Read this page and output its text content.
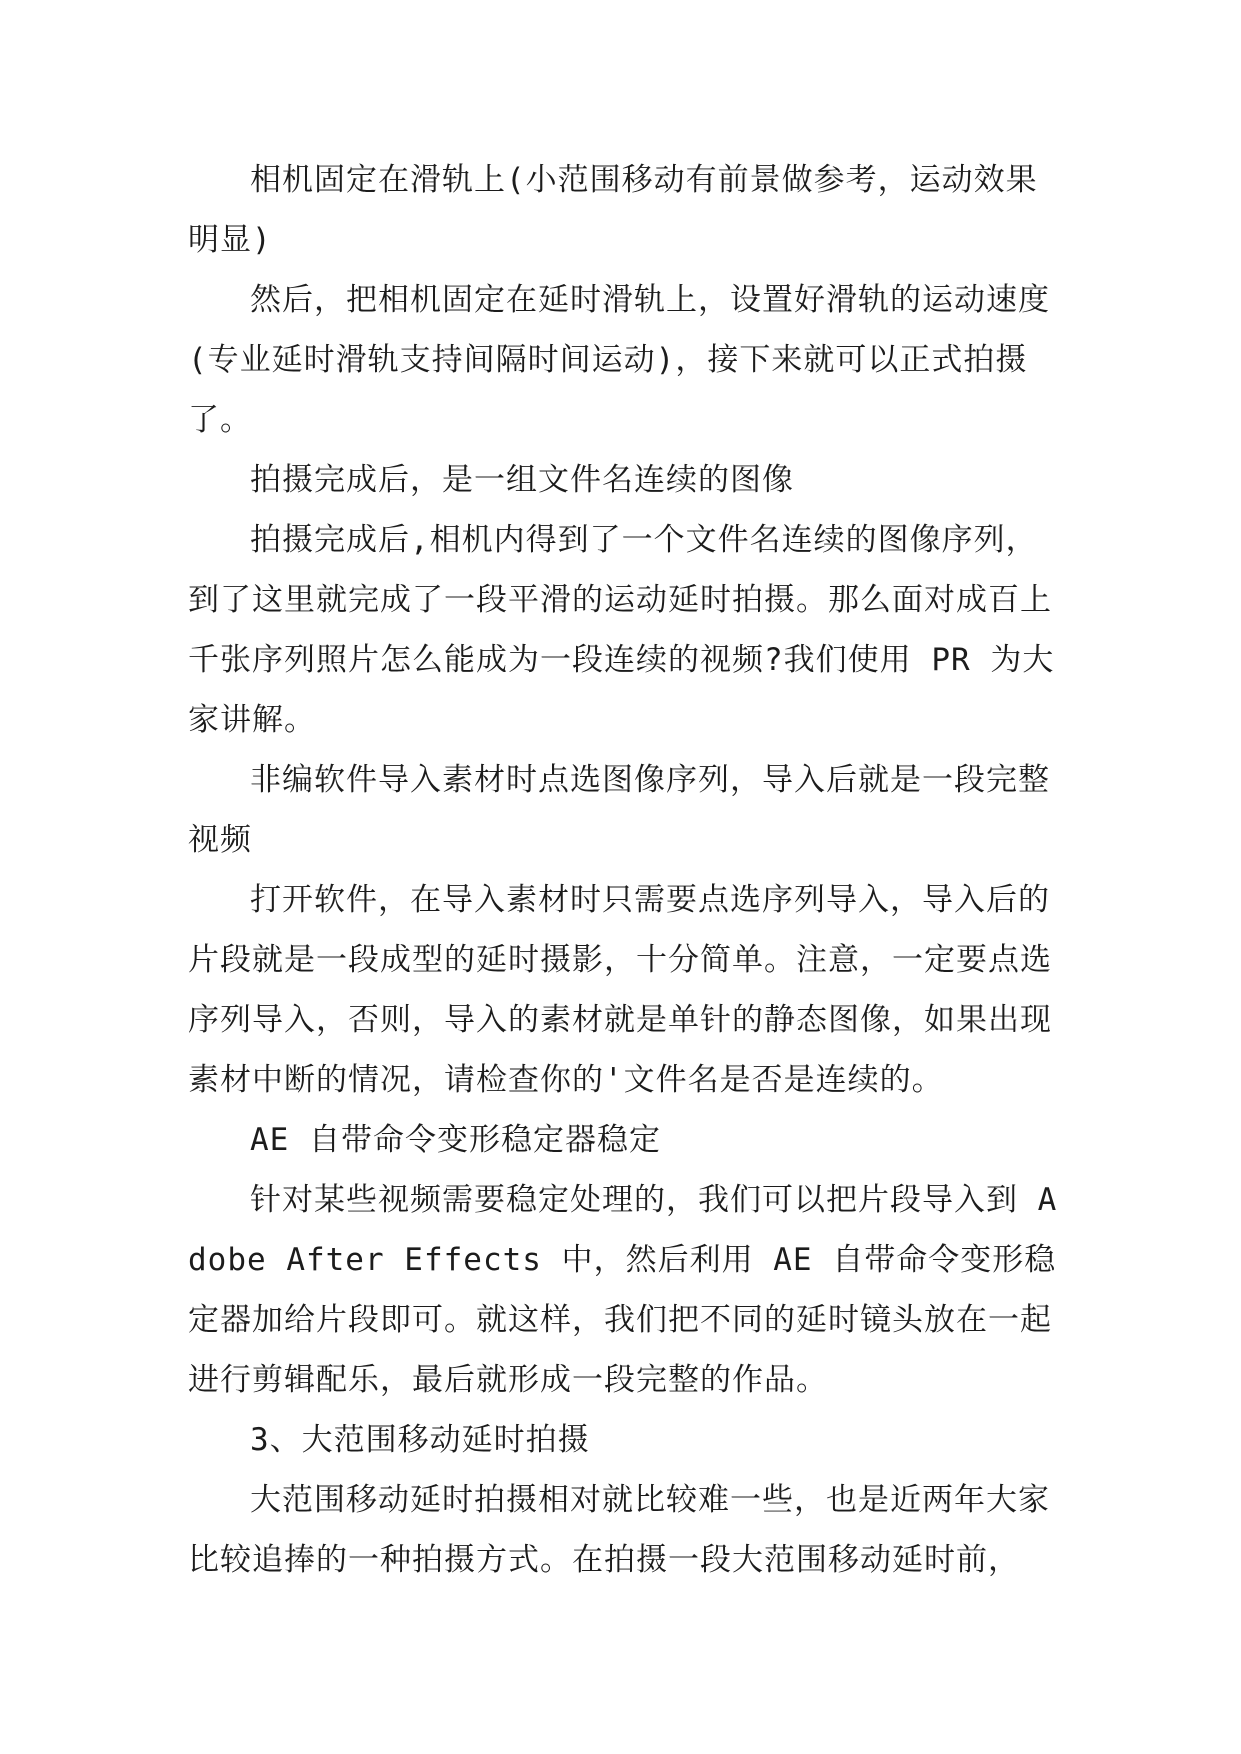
相机固定在滑轨上(小范围移动有前景做参考，运动效果明显)

然后，把相机固定在延时滑轨上，设置好滑轨的运动速度(专业延时滑轨支持间隔时间运动)，接下来就可以正式拍摄了。

拍摄完成后，是一组文件名连续的图像

拍摄完成后,相机内得到了一个文件名连续的图像序列，到了这里就完成了一段平滑的运动延时拍摄。那么面对成百上千张序列照片怎么能成为一段连续的视频?我们使用 PR 为大家讲解。

非编软件导入素材时点选图像序列，导入后就是一段完整视频

打开软件，在导入素材时只需要点选序列导入，导入后的片段就是一段成型的延时摄影，十分简单。注意，一定要点选序列导入，否则，导入的素材就是单针的静态图像，如果出现素材中断的情况，请检查你的'文件名是否是连续的。

AE 自带命令变形稳定器稳定

针对某些视频需要稳定处理的，我们可以把片段导入到 Adobe After Effects 中，然后利用 AE 自带命令变形稳定器加给片段即可。就这样，我们把不同的延时镜头放在一起进行剪辑配乐，最后就形成一段完整的作品。

3、大范围移动延时拍摄

大范围移动延时拍摄相对就比较难一些，也是近两年大家比较追捧的一种拍摄方式。在拍摄一段大范围移动延时前，
